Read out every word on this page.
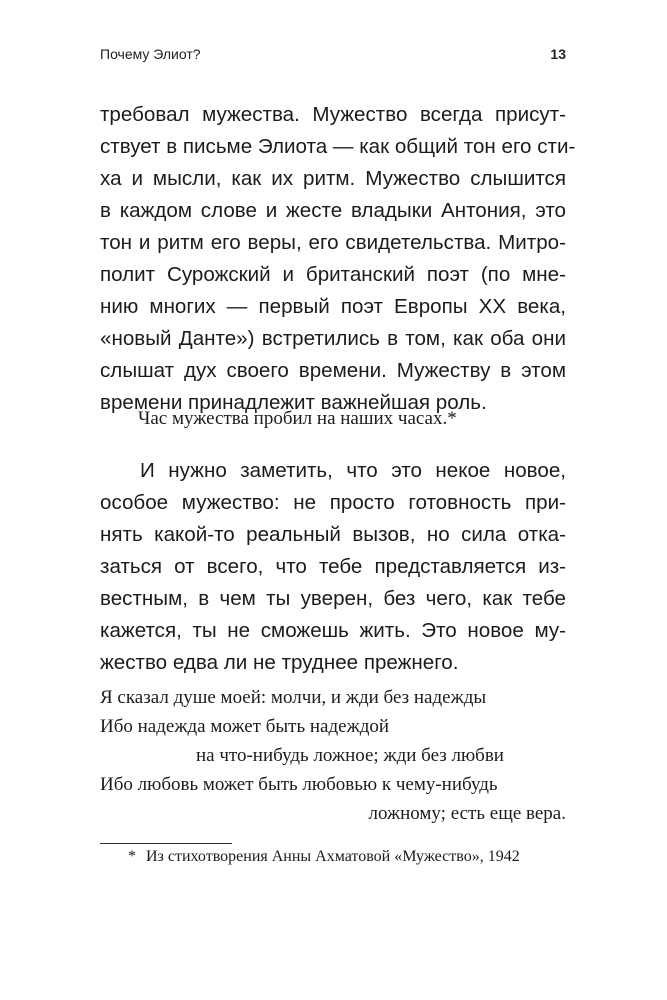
Почему Элиот?	13
требовал мужества. Мужество всегда присут-
ствует в письме Элиота — как общий тон его сти-
ха и мысли, как их ритм. Мужество слышится
в каждом слове и жесте владыки Антония, это
тон и ритм его веры, его свидетельства. Митро-
полит Сурожский и британский поэт (по мне-
нию многих — первый поэт Европы XX века,
«новый Данте») встретились в том, как оба они
слышат дух своего времени. Мужеству в этом
времени принадлежит важнейшая роль.
Час мужества пробил на наших часах.*
И нужно заметить, что это некое новое,
особое мужество: не просто готовность при-
нять какой-то реальный вызов, но сила отка-
заться от всего, что тебе представляется из-
вестным, в чем ты уверен, без чего, как тебе
кажется, ты не сможешь жить. Это новое му-
жество едва ли не труднее прежнего.
Я сказал душе моей: молчи, и жди без надежды
Ибо надежда может быть надеждой
на что-нибудь ложное; жди без любви
Ибо любовь может быть любовью к чему-нибудь
ложному; есть еще вера.
* Из стихотворения Анны Ахматовой «Мужество», 1942
